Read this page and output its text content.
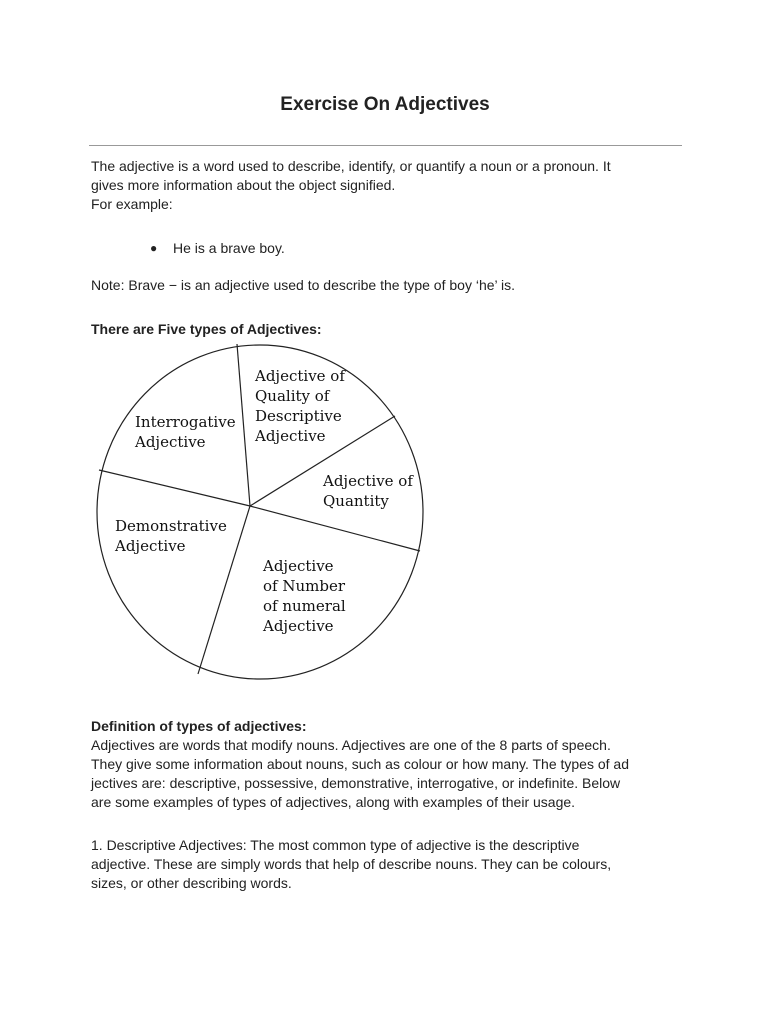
Exercise On Adjectives
The adjective is a word used to describe, identify, or quantify a noun or a pronoun. It
gives more information about the object signified.
For example:
● He is a brave boy.
Note: Brave − is an adjective used to describe the type of boy ‘he’ is.
There are Five types of Adjectives:
Adjective of Quality of Descriptive Adjective
Adjective of Quantity
Adjective of Number of numeral Adjective
Demonstrative Adjective
Interrogative Adjective
Definition of types of adjectives:
Adjectives are words that modify nouns. Adjectives are one of the 8 parts of speech.
They give some information about nouns, such as colour or how many. The types of ad
jectives are: descriptive, possessive, demonstrative, interrogative, or indefinite. Below
are some examples of types of adjectives, along with examples of their usage.
1. Descriptive Adjectives: The most common type of adjective is the descriptive
adjective. These are simply words that help of describe nouns. They can be colours,
sizes, or other describing words.
